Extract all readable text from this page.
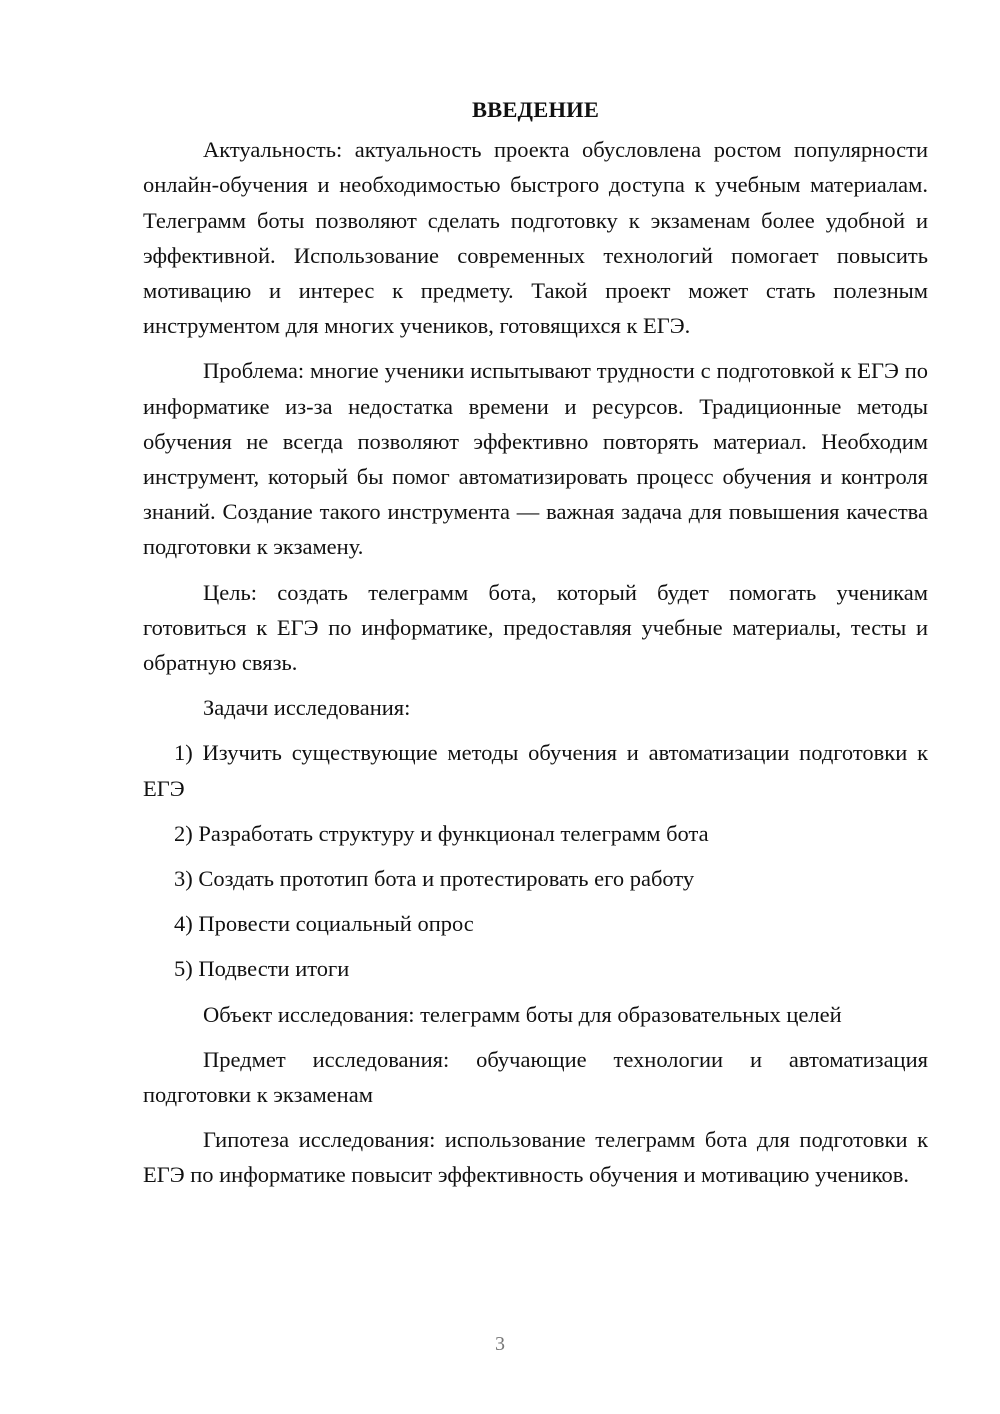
ВВЕДЕНИЕ

Актуальность: актуальность проекта обусловлена ростом популярности онлайн-обучения и необходимостью быстрого доступа к учебным материалам. Телеграмм боты позволяют сделать подготовку к экзаменам более удобной и эффективной. Использование современных технологий помогает повысить мотивацию и интерес к предмету. Такой проект может стать полезным инструментом для многих учеников, готовящихся к ЕГЭ.

Проблема: многие ученики испытывают трудности с подготовкой к ЕГЭ по информатике из-за недостатка времени и ресурсов. Традиционные методы обучения не всегда позволяют эффективно повторять материал. Необходим инструмент, который бы помог автоматизировать процесс обучения и контроля знаний. Создание такого инструмента — важная задача для повышения качества подготовки к экзамену.

Цель: создать телеграмм бота, который будет помогать ученикам готовиться к ЕГЭ по информатике, предоставляя учебные материалы, тесты и обратную связь.

Задачи исследования:

1) Изучить существующие методы обучения и автоматизации подготовки к ЕГЭ

2) Разработать структуру и функционал телеграмм бота

3) Создать прототип бота и протестировать его работу

4) Провести социальный опрос

5) Подвести итоги

Объект исследования: телеграмм боты для образовательных целей

Предмет исследования: обучающие технологии и автоматизация подготовки к экзаменам

Гипотеза исследования: использование телеграмм бота для подготовки к ЕГЭ по информатике повысит эффективность обучения и мотивацию учеников.

3
